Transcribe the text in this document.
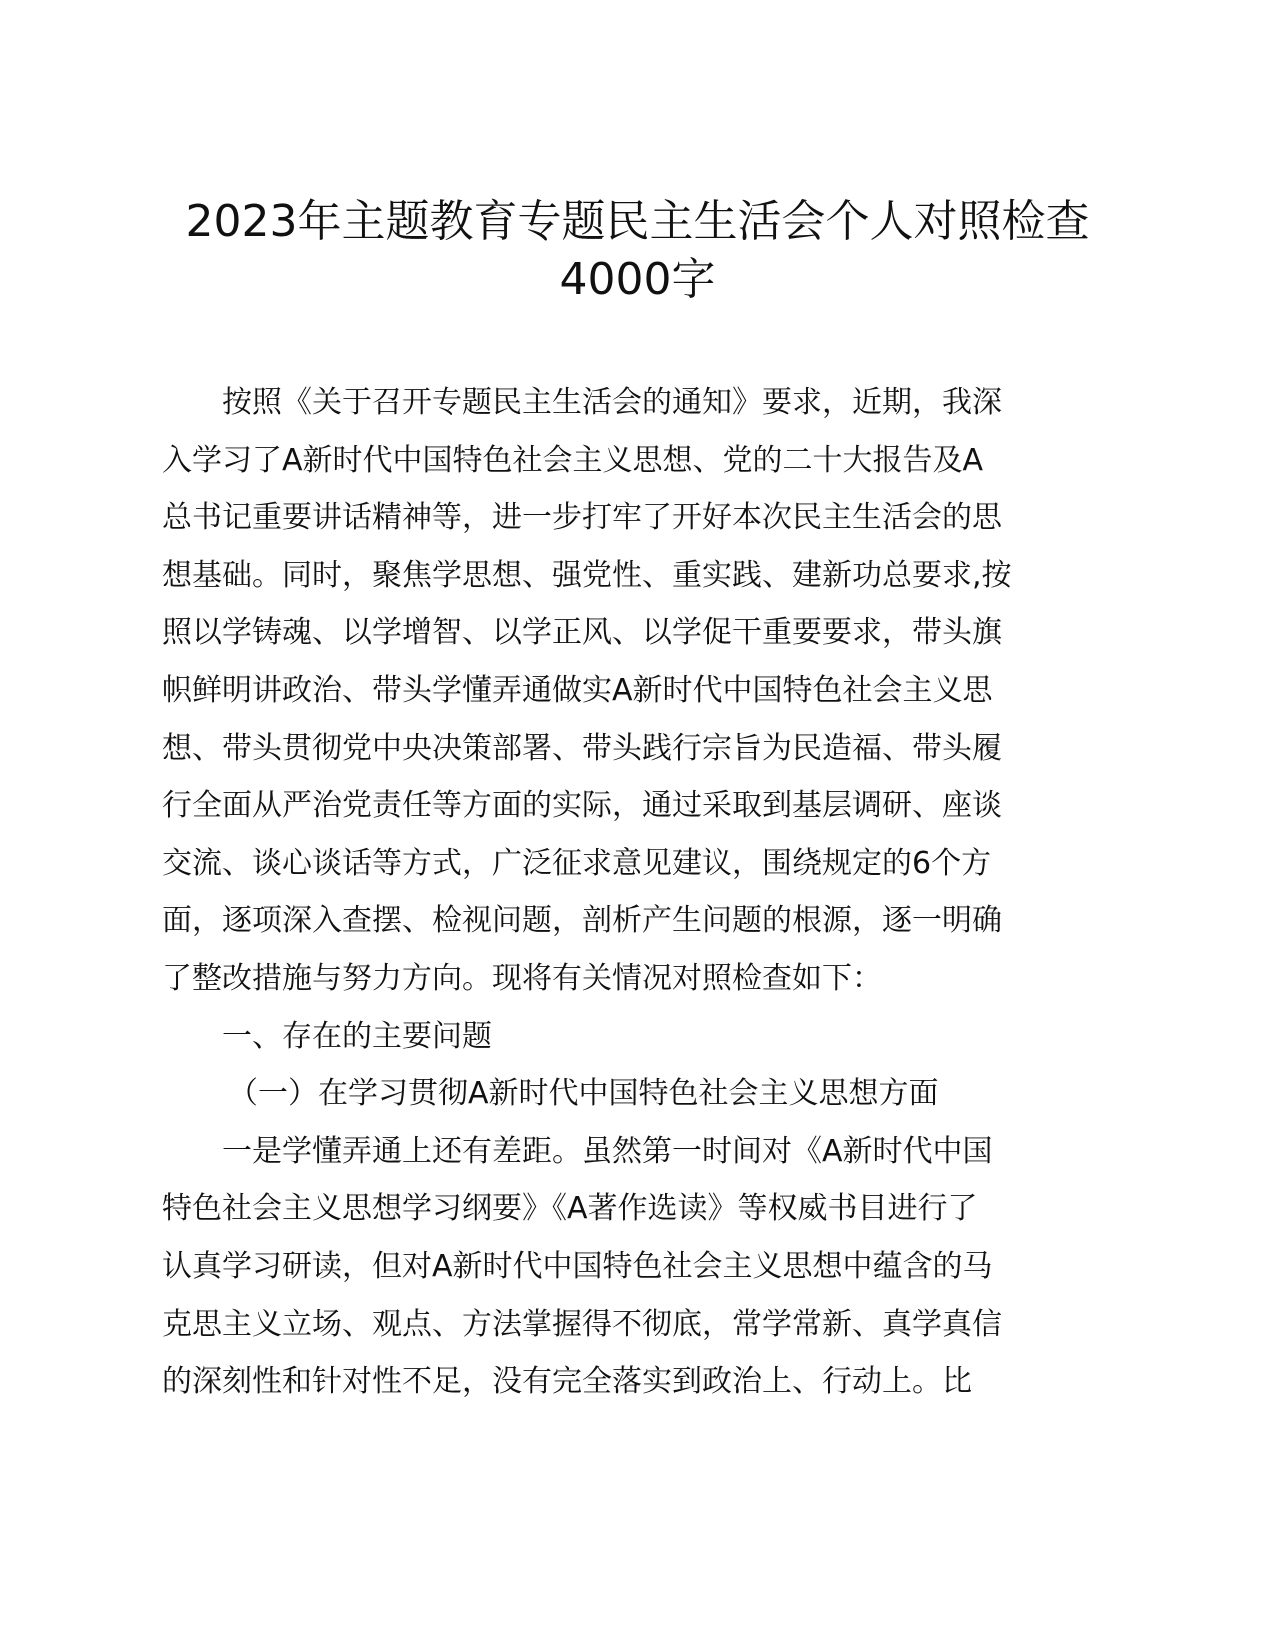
2023年主题教育专题民主生活会个人对照检查
4000字
按照《关于召开专题民主生活会的通知》要求，近期，我深
入学习了A新时代中国特色社会主义思想、党的二十大报告及A
总书记重要讲话精神等，进一步打牢了开好本次民主生活会的思
想基础。同时，聚焦学思想、强党性、重实践、建新功总要求,按
照以学铸魂、以学增智、以学正风、以学促干重要要求，带头旗
帜鲜明讲政治、带头学懂弄通做实A新时代中国特色社会主义思
想、带头贯彻党中央决策部署、带头践行宗旨为民造福、带头履
行全面从严治党责任等方面的实际，通过采取到基层调研、座谈
交流、谈心谈话等方式，广泛征求意见建议，围绕规定的6个方
面，逐项深入查摆、检视问题，剖析产生问题的根源，逐一明确
了整改措施与努力方向。现将有关情况对照检查如下：
一、存在的主要问题
（一）在学习贯彻A新时代中国特色社会主义思想方面
一是学懂弄通上还有差距。虽然第一时间对《A新时代中国
特色社会主义思想学习纲要》《A著作选读》等权威书目进行了
认真学习研读，但对A新时代中国特色社会主义思想中蕴含的马
克思主义立场、观点、方法掌握得不彻底，常学常新、真学真信
的深刻性和针对性不足，没有完全落实到政治上、行动上。比
